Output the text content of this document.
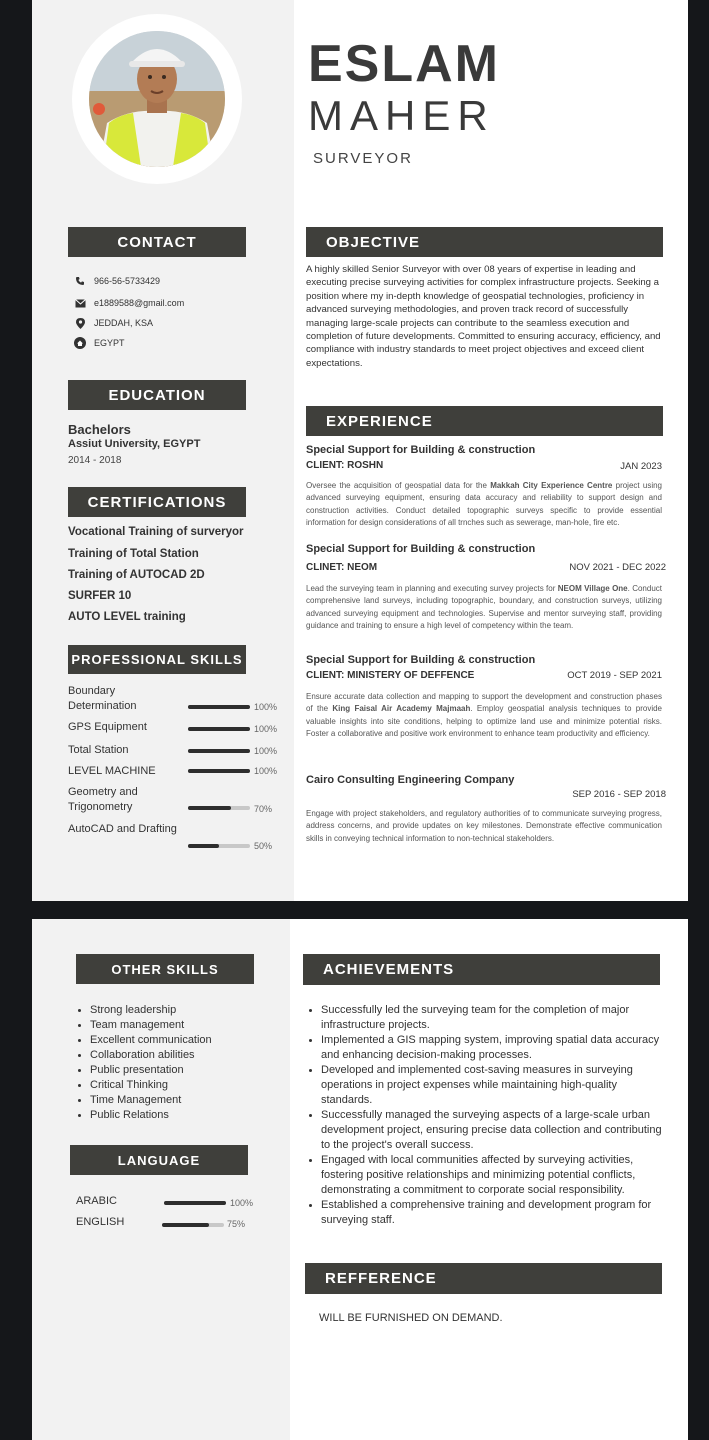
ESLAM
MAHER
SURVEYOR
CONTACT
966-56-5733429
e1889588@gmail.com
JEDDAH, KSA
EGYPT
EDUCATION
Bachelors
Assiut University, EGYPT
2014 - 2018
CERTIFICATIONS
Vocational Training of surveryor
Training of Total Station
Training of AUTOCAD 2D
SURFER 10
AUTO LEVEL training
PROFESSIONAL SKILLS
Boundary Determination	100%
GPS Equipment	100%
Total Station	100%
LEVEL MACHINE	100%
Geometry and Trigonometry	70%
AutoCAD and Drafting
50%
OBJECTIVE
A highly skilled Senior Surveyor with over 08 years of expertise in leading and executing precise surveying activities for complex infrastructure projects. Seeking a position where my in-depth knowledge of geospatial technologies, proficiency in advanced surveying methodologies, and proven track record of successfully managing large-scale projects can contribute to the seamless execution and completion of future developments. Committed to ensuring accuracy, efficiency, and compliance with industry standards to meet project objectives and exceed client expectations.
EXPERIENCE
Special Support for Building & construction
CLIENT: ROSHN	JAN 2023
Oversee the acquisition of geospatial data for the Makkah City Experience Centre project using advanced surveying equipment, ensuring data accuracy and reliability to support design and construction activities. Conduct detailed topographic surveys specific to provide essential information for design considerations of all trnches such as sewerage, man-hole, fire etc.
Special Support for Building & construction
CLINET: NEOM	NOV 2021 - DEC 2022
Lead the surveying team in planning and executing survey projects for NEOM Village One. Conduct comprehensive land surveys, including topographic, boundary, and construction surveys, utilizing advanced surveying equipment and technologies. Supervise and mentor surveying staff, providing guidance and training to ensure a high level of competency within the team.
Special Support for Building & construction
CLIENT: MINISTERY OF DEFFENCE	OCT 2019 - SEP 2021
Ensure accurate data collection and mapping to support the development and construction phases of the King Faisal Air Academy Majmaah. Employ geospatial analysis techniques to provide valuable insights into site conditions, helping to optimize land use and minimize potential risks. Foster a collaborative and positive work environment to enhance team productivity and efficiency.
Cairo Consulting Engineering Company
SEP 2016 - SEP 2018
Engage with project stakeholders, and regulatory authorities of to communicate surveying progress, address concerns, and provide updates on key milestones. Demonstrate effective communication skills in conveying technical information to non-technical stakeholders.
OTHER SKILLS
Strong leadership
Team management
Excellent communication
Collaboration abilities
Public presentation
Critical Thinking
Time Management
Public Relations
LANGUAGE
ARABIC	100%
ENGLISH	75%
ACHIEVEMENTS
Successfully led the surveying team for the completion of major infrastructure projects.
Implemented a GIS mapping system, improving spatial data accuracy and enhancing decision-making processes.
Developed and implemented cost-saving measures in surveying operations in project expenses while maintaining high-quality standards.
Successfully managed the surveying aspects of a large-scale urban development project, ensuring precise data collection and contributing to the project's overall success.
Engaged with local communities affected by surveying activities, fostering positive relationships and minimizing potential conflicts, demonstrating a commitment to corporate social responsibility.
Established a comprehensive training and development program for surveying staff.
REFFERENCE
WILL BE FURNISHED ON DEMAND.
